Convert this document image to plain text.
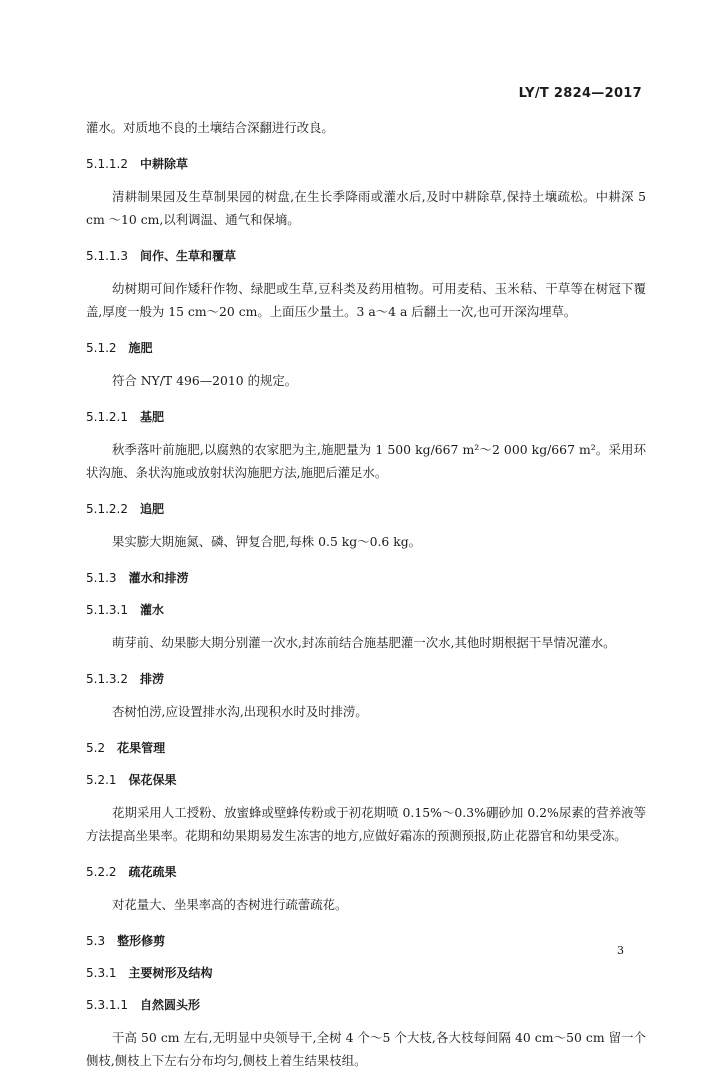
LY/T 2824—2017

灌水。对质地不良的土壤结合深翻进行改良。

5.1.1.2 中耕除草

清耕制果园及生草制果园的树盘,在生长季降雨或灌水后,及时中耕除草,保持土壤疏松。中耕深 5 cm ～10 cm,以利调温、通气和保墒。

5.1.1.3 间作、生草和覆草

幼树期可间作矮秆作物、绿肥或生草,豆科类及药用植物。可用麦秸、玉米秸、干草等在树冠下覆盖,厚度一般为 15 cm～20 cm。上面压少量土。3 a～4 a 后翻土一次,也可开深沟埋草。

5.1.2 施肥

符合 NY/T 496—2010 的规定。

5.1.2.1 基肥

秋季落叶前施肥,以腐熟的农家肥为主,施肥量为 1 500 kg/667 m²～2 000 kg/667 m²。采用环状沟施、条状沟施或放射状沟施肥方法,施肥后灌足水。

5.1.2.2 追肥

果实膨大期施氮、磷、钾复合肥,每株 0.5 kg～0.6 kg。

5.1.3 灌水和排涝
5.1.3.1 灌水

萌芽前、幼果膨大期分别灌一次水,封冻前结合施基肥灌一次水,其他时期根据干旱情况灌水。

5.1.3.2 排涝

杏树怕涝,应设置排水沟,出现积水时及时排涝。

5.2 花果管理
5.2.1 保花保果

花期采用人工授粉、放蜜蜂或壁蜂传粉或于初花期喷 0.15%～0.3%硼砂加 0.2%尿素的营养液等方法提高坐果率。花期和幼果期易发生冻害的地方,应做好霜冻的预测预报,防止花器官和幼果受冻。

5.2.2 疏花疏果

对花量大、坐果率高的杏树进行疏蕾疏花。

5.3 整形修剪
5.3.1 主要树形及结构
5.3.1.1 自然圆头形

干高 50 cm 左右,无明显中央领导干,全树 4 个～5 个大枝,各大枝每间隔 40 cm～50 cm 留一个侧枝,侧枝上下左右分布均匀,侧枝上着生结果枝组。

3
